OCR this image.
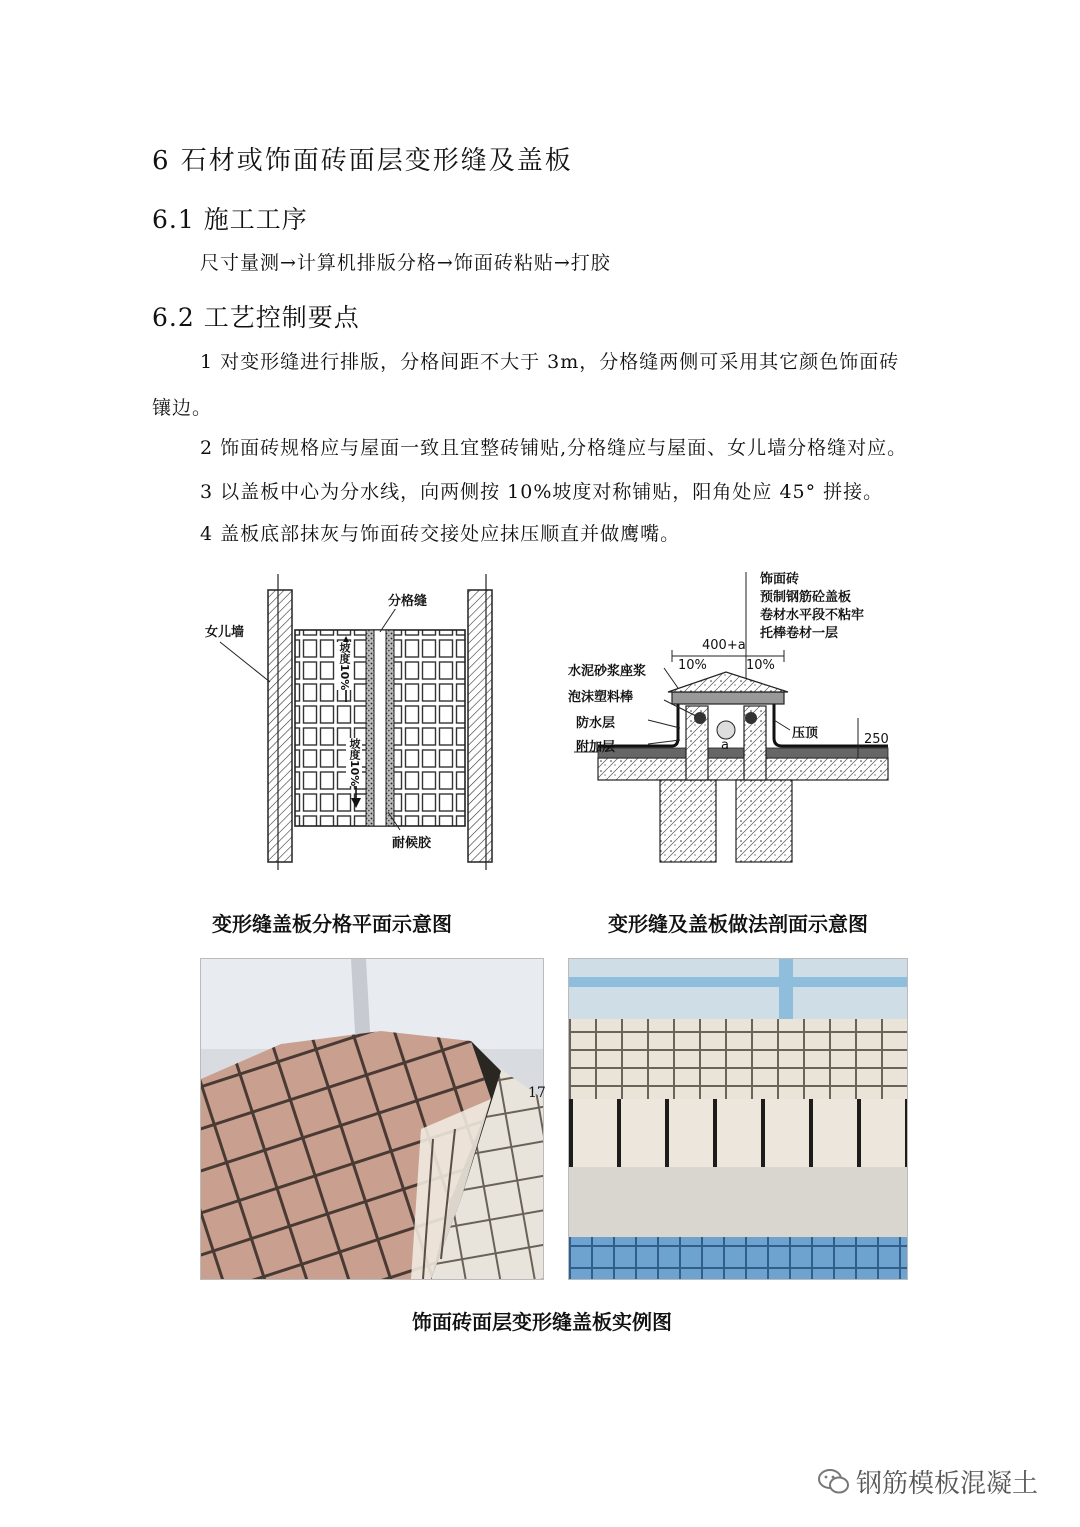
6 石材或饰面砖面层变形缝及盖板
6.1 施工工序
尺寸量测→计算机排版分格→饰面砖粘贴→打胶
6.2 工艺控制要点
1 对变形缝进行排版，分格间距不大于 3m，分格缝两侧可采用其它颜色饰面砖
镶边。
2 饰面砖规格应与屋面一致且宜整砖铺贴,分格缝应与屋面、女儿墙分格缝对应。
3 以盖板中心为分水线，向两侧按 10%坡度对称铺贴，阳角处应 45° 拼接。
4 盖板底部抹灰与饰面砖交接处应抹压顺直并做鹰嘴。
女儿墙
分格缝
耐候胶
坡度10%
坡度10%
饰面砖
预制钢筋砼盖板
卷材水平段不粘牢
托棒卷材一层
400+a
10%	10%
水泥砂浆座浆
泡沫塑料棒
防水层
附加层
压顶	250
a
变形缝盖板分格平面示意图	变形缝及盖板做法剖面示意图
饰面砖面层变形缝盖板实例图
17
钢筋模板混凝土
